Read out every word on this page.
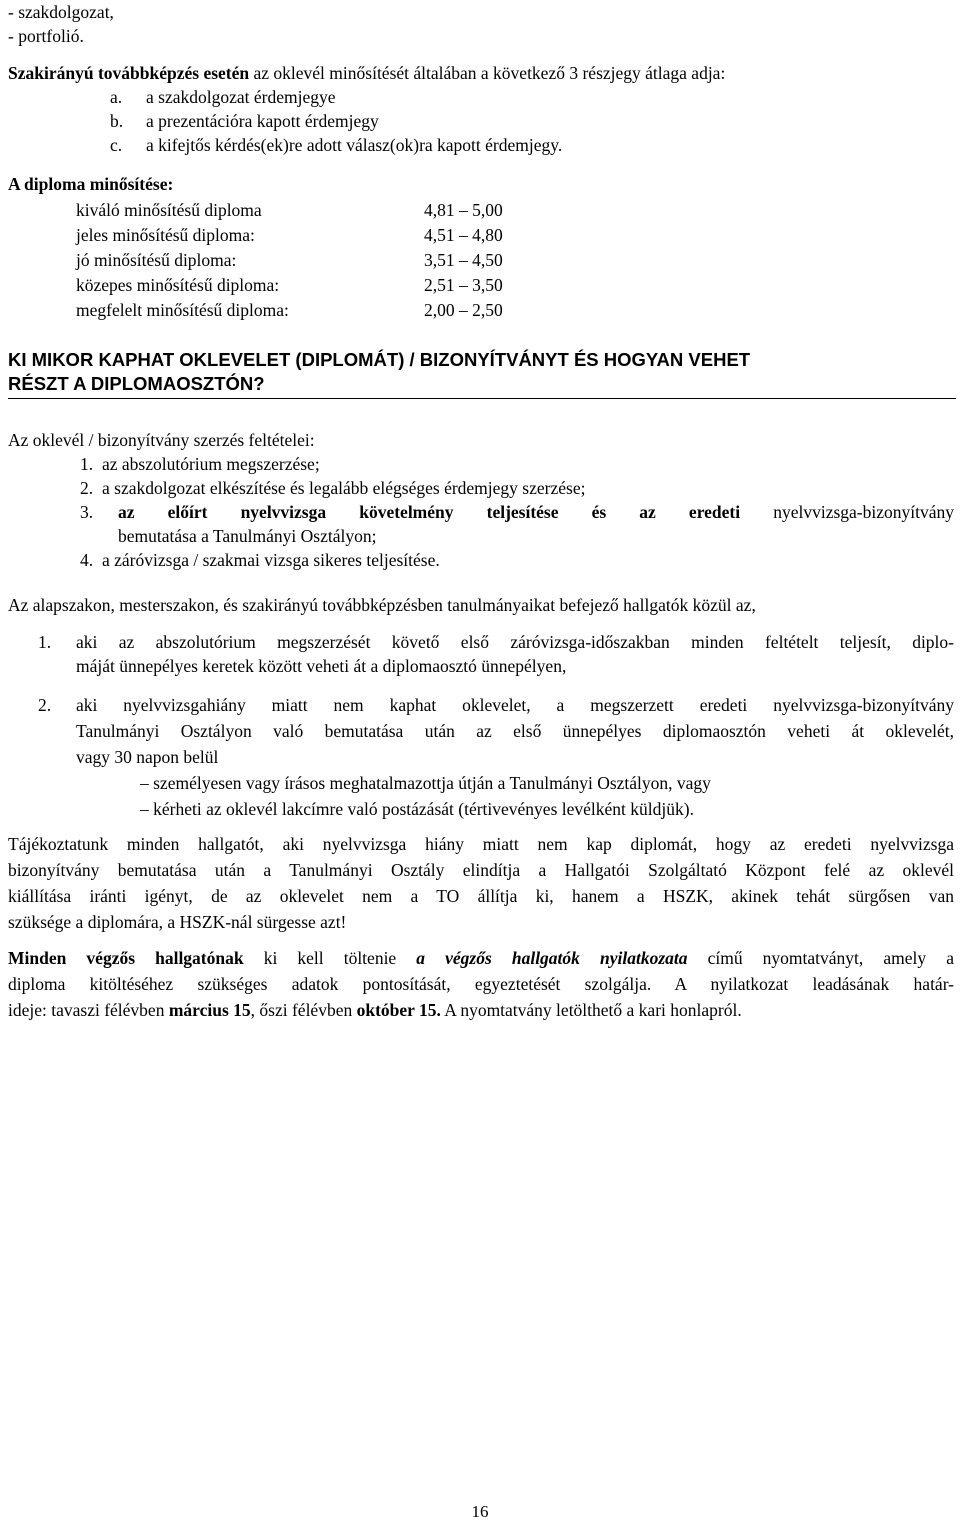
- szakdolgozat,
- portfolió.
Szakirányú továbbképzés esetén az oklevél minősítését általában a következő 3 részjegy átlaga adja:
a. a szakdolgozat érdemjegye
b. a prezentációra kapott érdemjegy
c. a kifejtős kérdés(ek)re adott válasz(ok)ra kapott érdemjegy.
A diploma minősítése:
kiváló minősítésű diploma	4,81 – 5,00
jeles minősítésű diploma:	4,51 – 4,80
jó minősítésű diploma:	3,51 – 4,50
közepes minősítésű diploma:	2,51 – 3,50
megfelelt minősítésű diploma:	2,00 – 2,50
KI MIKOR KAPHAT OKLEVELET (DIPLOMÁT) / BIZONYÍTVÁNYT ÉS HOGYAN VEHET
RÉSZT A DIPLOMAOSZTÓN?
Az oklevél / bizonyítvány szerzés feltételei:
1. az abszolutórium megszerzése;
2. a szakdolgozat elkészítése és legalább elégséges érdemjegy szerzése;
3. az előírt nyelvvizsga követelmény teljesítése és az eredeti nyelvvizsga-bizonyítvány
bemutatása a Tanulmányi Osztályon;
4. a záróvizsga / szakmai vizsga sikeres teljesítése.
Az alapszakon, mesterszakon, és szakirányú továbbképzésben tanulmányaikat befejező hallgatók közül az,
1. aki az abszolutórium megszerzését követő első záróvizsga-időszakban minden feltételt teljesít, diplo-
máját ünnepélyes keretek között veheti át a diplomaosztó ünnepélyen,
2. aki nyelvvizsgahiány miatt nem kaphat oklevelet, a megszerzett eredeti nyelvvizsga-bizonyítvány
Tanulmányi Osztályon való bemutatása után az első ünnepélyes diplomaosztón veheti át oklevelét,
vagy 30 napon belül
– személyesen vagy írásos meghatalmazottja útján a Tanulmányi Osztályon, vagy
– kérheti az oklevél lakcímre való postázását (tértivevényes levélként küldjük).
Tájékoztatunk minden hallgatót, aki nyelvvizsga hiány miatt nem kap diplomát, hogy az eredeti nyelvvizsga
bizonyítvány bemutatása után a Tanulmányi Osztály elindítja a Hallgatói Szolgáltató Központ felé az oklevél
kiállítása iránti igényt, de az oklevelet nem a TO állítja ki, hanem a HSZK, akinek tehát sürgősen van
szüksége a diplomára, a HSZK-nál sürgesse azt!
Minden végzős hallgatónak ki kell töltenie a végzős hallgatók nyilatkozata című nyomtatványt, amely a
diploma kitöltéséhez szükséges adatok pontosítását, egyeztetését szolgálja. A nyilatkozat leadásának határ-
ideje: tavaszi félévben március 15, őszi félévben október 15. A nyomtatvány letölthető a kari honlapról.
16
